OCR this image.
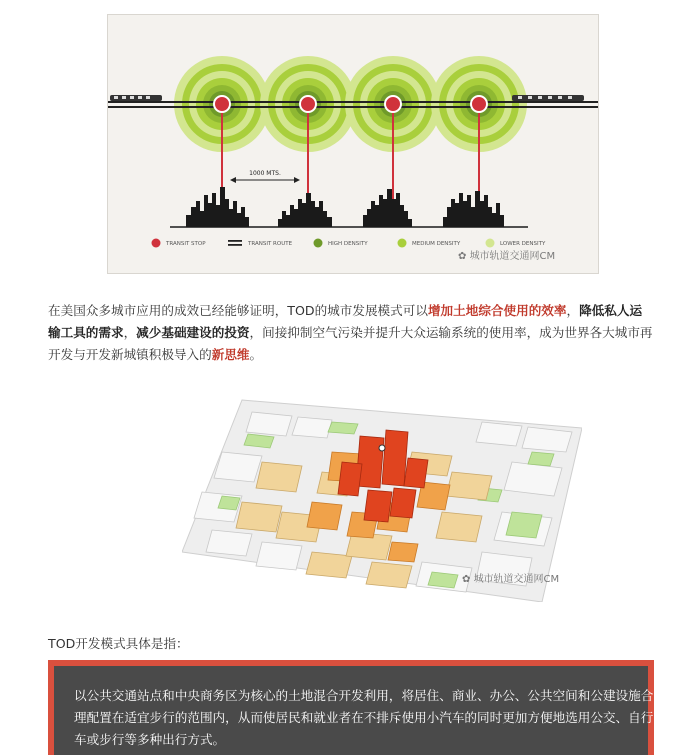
1000 MTS.
TRANSIT STOP	TRANSIT ROUTE	HIGH DENSITY	MEDIUM DENSITY	LOWER DENSITY
✿ 城市轨道交通网CM
在美国众多城市应用的成效已经能够证明，TOD的城市发展模式可以增加土地综合使用的效率，降低私人运输工具的需求，减少基础建设的投资，间接抑制空气污染并提升大众运输系统的使用率，成为世界各大城市再开发与开发新城镇积极导入的新思维。
✿ 城市轨道交通网CM
TOD开发模式具体是指：
以公共交通站点和中央商务区为核心的土地混合开发利用，将居住、商业、办公、公共空间和公建设施合理配置在适宜步行的范围内，从而使居民和就业者在不排斥使用小汽车的同时更加方便地选用公交、自行车或步行等多种出行方式。
